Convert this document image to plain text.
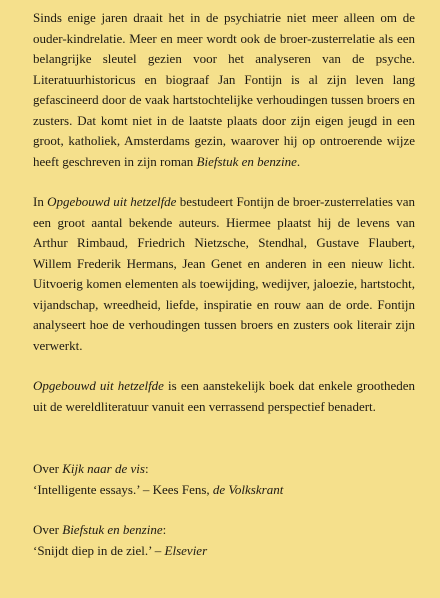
Sinds enige jaren draait het in de psychiatrie niet meer alleen om de ouder-kindrelatie. Meer en meer wordt ook de broer-zusterrelatie als een belangrijke sleutel gezien voor het analyseren van de psyche. Literatuurhistoricus en biograaf Jan Fontijn is al zijn leven lang gefascineerd door de vaak hartstochtelijke verhoudingen tussen broers en zusters. Dat komt niet in de laatste plaats door zijn eigen jeugd in een groot, katholiek, Amsterdams gezin, waarover hij op ontroerende wijze heeft geschreven in zijn roman Biefstuk en benzine.

In Opgebouwd uit hetzelfde bestudeert Fontijn de broer-zusterrelaties van een groot aantal bekende auteurs. Hiermee plaatst hij de levens van Arthur Rimbaud, Friedrich Nietzsche, Stendhal, Gustave Flaubert, Willem Frederik Hermans, Jean Genet en anderen in een nieuw licht. Uitvoerig komen elementen als toewijding, wedijver, jaloezie, hartstocht, vijandschap, wreedheid, liefde, inspiratie en rouw aan de orde. Fontijn analyseert hoe de verhoudingen tussen broers en zusters ook literair zijn verwerkt.

Opgebouwd uit hetzelfde is een aanstekelijk boek dat enkele grootheden uit de wereldliteratuur vanuit een verrassend perspectief benadert.

Over Kijk naar de vis:

‘Intelligente essays.’ – Kees Fens, de Volkskrant

Over Biefstuk en benzine:

‘Snijdt diep in de ziel.’ – Elsevier
